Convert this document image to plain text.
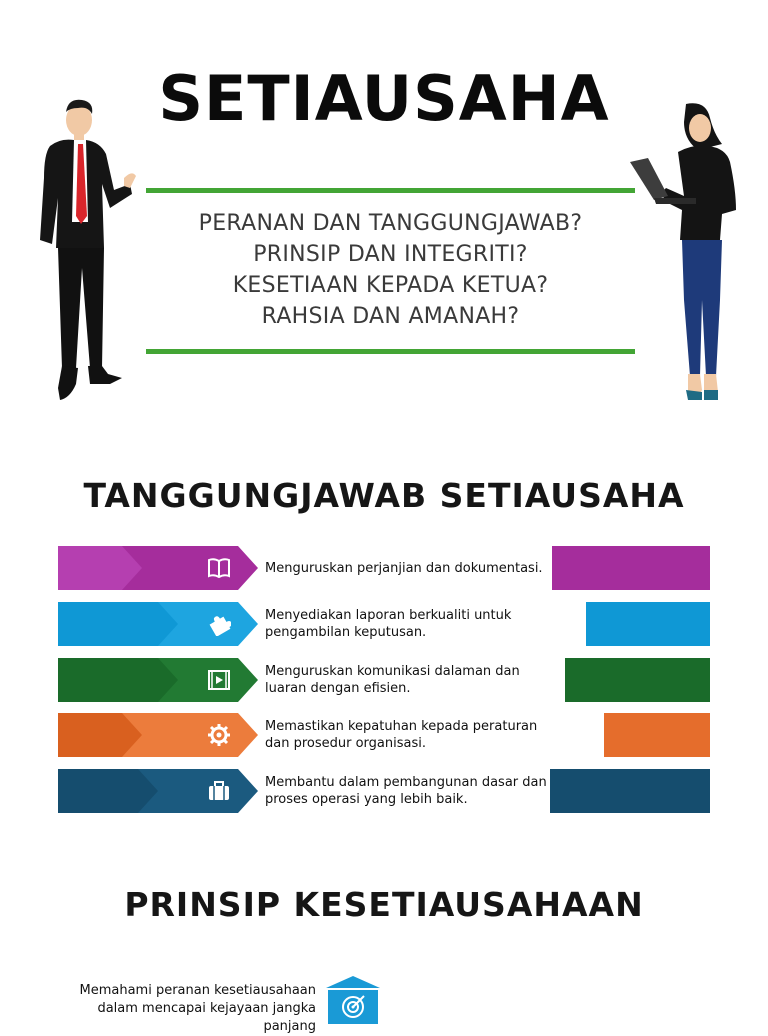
SETIAUSAHA
PERANAN DAN TANGGUNGJAWAB?
PRINSIP DAN INTEGRITI?
KESETIAAN KEPADA KETUA?
RAHSIA DAN AMANAH?
TANGGUNGJAWAB SETIAUSAHA
Menguruskan perjanjian dan dokumentasi.
Menyediakan laporan berkualiti untuk pengambilan keputusan.
Menguruskan komunikasi dalaman dan luaran dengan efisien.
Memastikan kepatuhan kepada peraturan dan prosedur organisasi.
Membantu dalam pembangunan dasar dan proses operasi yang lebih baik.
PRINSIP KESETIAUSAHAAN
Memahami peranan kesetiausahaan dalam mencapai kejayaan jangka panjang
